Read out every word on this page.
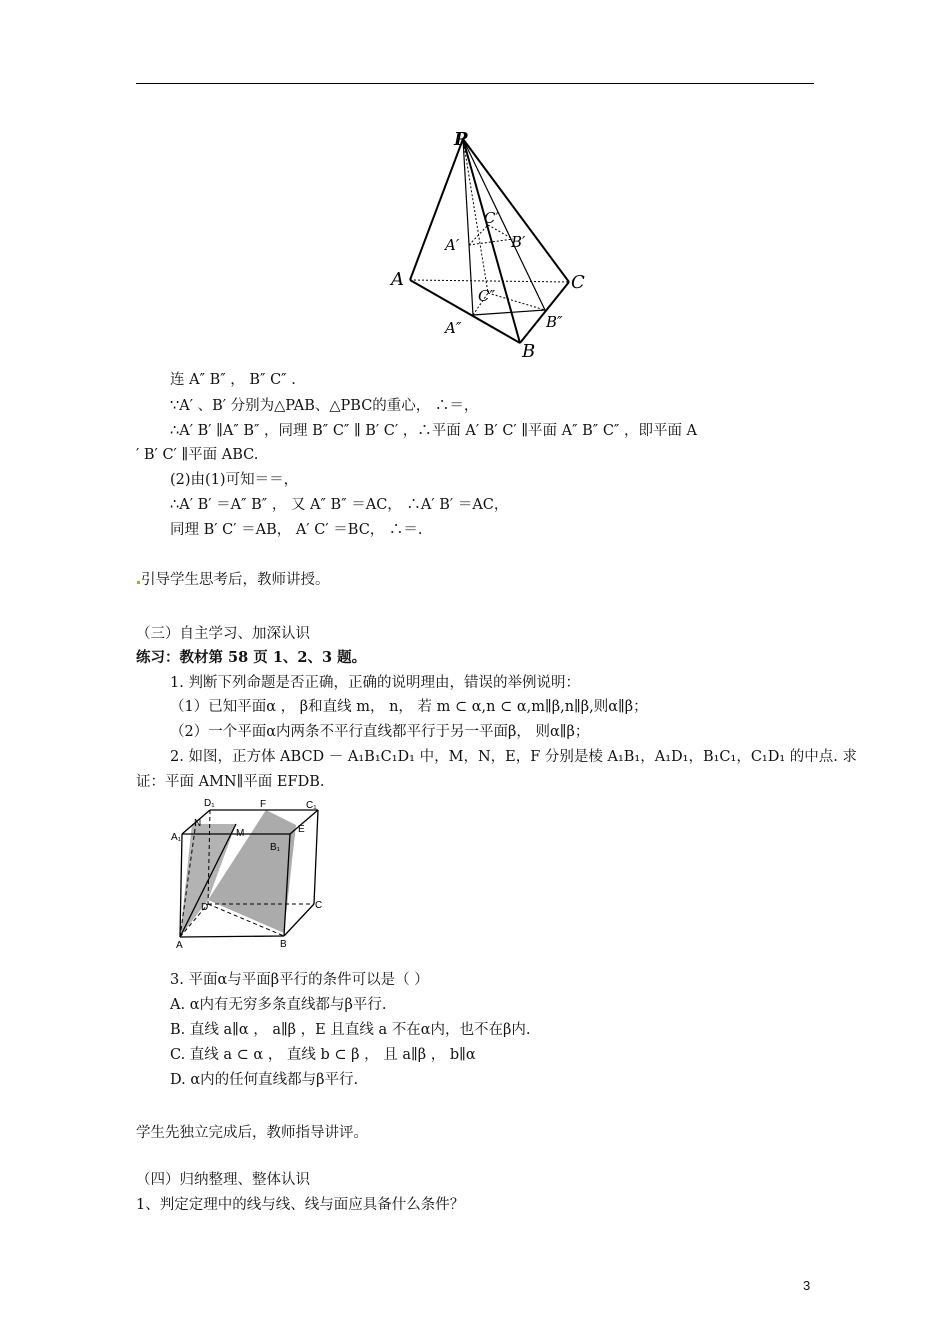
P
A
B
C
A′	B′
C′
A″	B″
C″
连 A″ B″ ， B″ C″ .
∵A′ 、B′ 分别为△PAB、△PBC的重心， ∴＝，
∴A′ B′ ∥A″ B″ ，同理 B″ C″ ∥ B′ C′ ，∴平面 A′ B′ C′ ∥平面 A″ B″ C″ ，即平面 A
′ B′ C′ ∥平面 ABC.
(2)由(1)可知＝＝，
∴A′ B′ ＝A″ B″ ， 又 A″ B″ ＝AC， ∴A′ B′ ＝AC，
同理 B′ C′ ＝AB， A′ C′ ＝BC， ∴＝.
引导学生思考后，教师讲授。
（三）自主学习、加深认识
练习：教材第 58 页 1、2、3 题。
1. 判断下列命题是否正确，正确的说明理由，错误的举例说明：
（1）已知平面α ， β和直线 m， n， 若 m ⊂ α,n ⊂ α,m∥β,n∥β,则α∥β；
（2）一个平面α内两条不平行直线都平行于另一平面β， 则α∥β；
2. 如图，正方体 ABCD － A₁B₁C₁D₁ 中，M，N，E，F 分别是棱 A₁B₁，A₁D₁，B₁C₁，C₁D₁ 的中点. 求
证：平面 AMN∥平面 EFDB.
D₁	F	C₁
N
M	E
A₁
B₁
D	C
A	B
3. 平面α与平面β平行的条件可以是（ ）
A. α内有无穷多条直线都与β平行.
B. 直线 a∥α ， a∥β ，E 且直线 a 不在α内，也不在β内.
C. 直线 a ⊂ α ， 直线 b ⊂ β ， 且 a∥β ， b∥α
D. α内的任何直线都与β平行.
学生先独立完成后，教师指导讲评。
（四）归纳整理、整体认识
1、判定定理中的线与线、线与面应具备什么条件？
3
